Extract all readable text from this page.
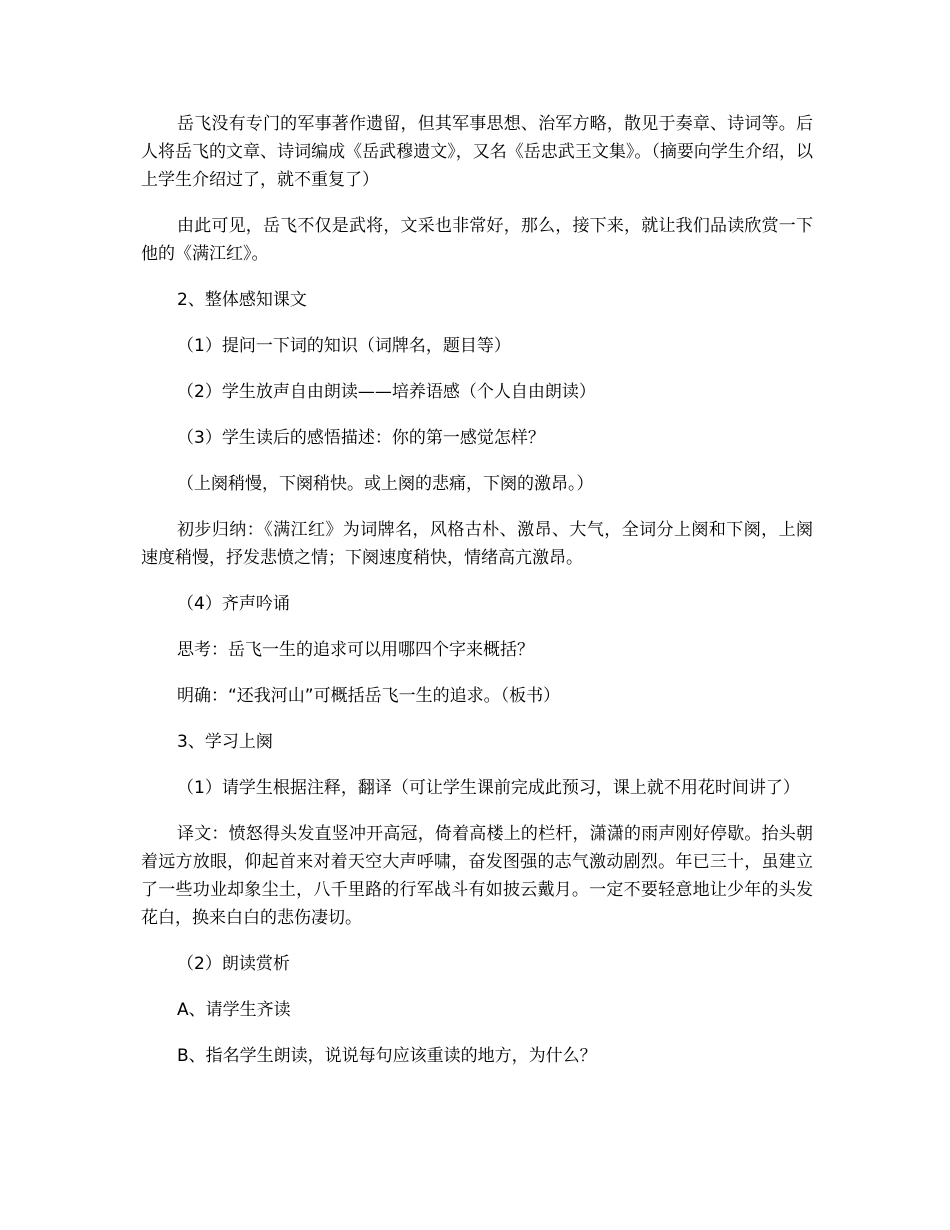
岳飞没有专门的军事著作遗留，但其军事思想、治军方略，散见于奏章、诗词等。后人将岳飞的文章、诗词编成《岳武穆遗文》，又名《岳忠武王文集》。（摘要向学生介绍，以上学生介绍过了，就不重复了）

由此可见，岳飞不仅是武将，文采也非常好，那么，接下来，就让我们品读欣赏一下他的《满江红》。

2、整体感知课文

（1）提问一下词的知识（词牌名，题目等）

（2）学生放声自由朗读——培养语感（个人自由朗读）

（3）学生读后的感悟描述：你的第一感觉怎样？

（上阕稍慢，下阕稍快。或上阕的悲痛，下阕的激昂。）

初步归纳：《满江红》为词牌名，风格古朴、激昂、大气，全词分上阕和下阕，上阕速度稍慢，抒发悲愤之情；下阕速度稍快，情绪高亢激昂。

（4）齐声吟诵

思考：岳飞一生的追求可以用哪四个字来概括？

明确：“还我河山”可概括岳飞一生的追求。（板书）

3、学习上阕

（1）请学生根据注释，翻译（可让学生课前完成此预习，课上就不用花时间讲了）

译文：愤怒得头发直竖冲开高冠，倚着高楼上的栏杆，潇潇的雨声刚好停歇。抬头朝着远方放眼，仰起首来对着天空大声呼啸，奋发图强的志气激动剧烈。年已三十，虽建立了一些功业却象尘土，八千里路的行军战斗有如披云戴月。一定不要轻意地让少年的头发花白，换来白白的悲伤凄切。

（2）朗读赏析

A、请学生齐读

B、指名学生朗读，说说每句应该重读的地方，为什么？
